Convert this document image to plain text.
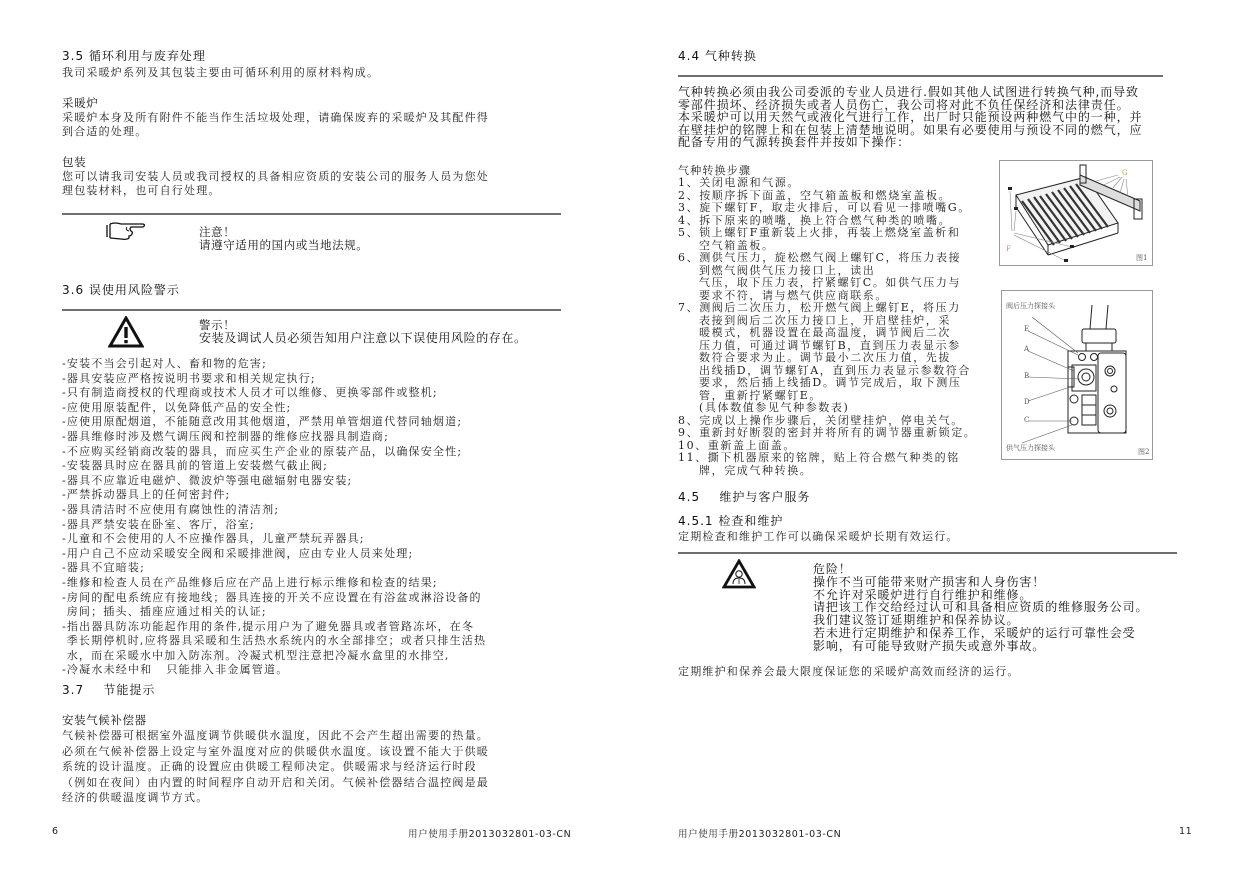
3.5 循环利用与废弃处理
我司采暖炉系列及其包装主要由可循环利用的原材料构成。
采暖炉
采暖炉本身及所有附件不能当作生活垃圾处理，请确保废弃的采暖炉及其配件得
到合适的处理。
包装
您可以请我司安装人员或我司授权的具备相应资质的安装公司的服务人员为您处
理包装材料，也可自行处理。
注意！
请遵守适用的国内或当地法规。
3.6 误使用风险警示
警示！
安装及调试人员必须告知用户注意以下误使用风险的存在。
-安装不当会引起对人、畜和物的危害;
-器具安装应严格按说明书要求和相关规定执行;
-只有制造商授权的代理商或技术人员才可以维修、更换零部件或整机;
-应使用原装配件，以免降低产品的安全性;
-应使用原配烟道，不能随意改用其他烟道，严禁用单管烟道代替同轴烟道;
-器具维修时涉及燃气调压阀和控制器的维修应找器具制造商;
-不应购买经销商改装的器具，而应买生产企业的原装产品，以确保安全性;
-安装器具时应在器具前的管道上安装燃气截止阀;
-器具不应靠近电磁炉、微波炉等强电磁辐射电器安装;
-严禁拆动器具上的任何密封件;
-器具清洁时不应使用有腐蚀性的清洁剂;
-器具严禁安装在卧室、客厅，浴室;
-儿童和不会使用的人不应操作器具，儿童严禁玩弄器具;
-用户自己不应动采暖安全阀和采暖排泄阀，应由专业人员来处理;
-器具不宜暗装;
-维修和检查人员在产品维修后应在产品上进行标示维修和检查的结果;
-房间的配电系统应有接地线；器具连接的开关不应设置在有浴盆或淋浴设备的
房间；插头、插座应通过相关的认证;
-指出器具防冻功能起作用的条件,提示用户为了避免器具或者管路冻坏，在冬
季长期停机时,应将器具采暖和生活热水系统内的水全部排空；或者只排生活热
水，而在采暖水中加入防冻剂。冷凝式机型注意把冷凝水盒里的水排空,
-冷凝水未经中和   只能排入非金属管道。
3.7    节能提示
安装气候补偿器
气候补偿器可根据室外温度调节供暖供水温度，因此不会产生超出需要的热量。
必须在气候补偿器上设定与室外温度对应的供暖供水温度。该设置不能大于供暖
系统的设计温度。正确的设置应由供暖工程师决定。供暖需求与经济运行时段
（例如在夜间）由内置的时间程序自动开启和关闭。气候补偿器结合温控阀是最
经济的供暖温度调节方式。
6	用户使用手册2013032801-03-CN
4.4 气种转换
气种转换必须由我公司委派的专业人员进行.假如其他人试图进行转换气种,而导致
零部件损坏、经济损失或者人员伤亡，我公司将对此不负任保经济和法律责任。
本采暖炉可以用天然气或液化气进行工作，出厂时只能预设两种燃气中的一种，并
在壁挂炉的铭牌上和在包装上清楚地说明。如果有必要使用与预设不同的燃气，应
配备专用的气源转换套件并按如下操作：
气种转换步骤
1、关闭电源和气源。
2、按顺序拆下面盖，空气箱盖板和燃烧室盖板。
3、旋下螺钉F，取走火排后，可以看见一排喷嘴G。
4、拆下原来的喷嘴，换上符合燃气种类的喷嘴。
5、锁上螺钉F重新装上火排，再装上燃烧室盖析和
空气箱盖板。
6、测供气压力，旋松燃气阀上螺钉C，将压力表接
到燃气阀供气压力接口上，读出
气压，取下压力表，拧紧螺钉C。如供气压力与
要求不符，请与燃气供应商联系。
7、测阀后二次压力，松开燃气阀上螺钉E，将压力
表接到阀后二次压力接口上，开启壁挂炉，采
暖模式，机器设置在最高温度，调节阀后二次
压力值，可通过调节螺钉B，直到压力表显示参
数符合要求为止。调节最小二次压力值，先拔
出线插D，调节螺钉A，直到压力表显示参数符合
要求，然后插上线插D。调节完成后，取下测压
管，重新拧紧螺钉E。
(具体数值参见气种参数表)
8、完成以上操作步骤后，关闭壁挂炉，停电关气。
9、重新封好断裂的密封并将所有的调节器重新锁定。
10、重新盖上面盖。
11、撕下机器原来的铭牌，贴上符合燃气种类的铭
牌，完成气种转换。
G
F
图1
阀后压力探接头
E
A
B
D
C
供气压力探接头	图2
4.5    维护与客户服务
4.5.1 检查和维护
定期检查和维护工作可以确保采暖炉长期有效运行。
危险！
操作不当可能带来财产损害和人身伤害！
不允许对采暖炉进行自行维护和维修。
请把该工作交给经过认可和具备相应资质的维修服务公司。
我们建议签订延期维护和保养协议。
若未进行定期维护和保养工作，采暖炉的运行可靠性会受
影响，有可能导致财产损失或意外事故。
定期维护和保养会最大限度保证您的采暖炉高效而经济的运行。
用户使用手册2013032801-03-CN	11
